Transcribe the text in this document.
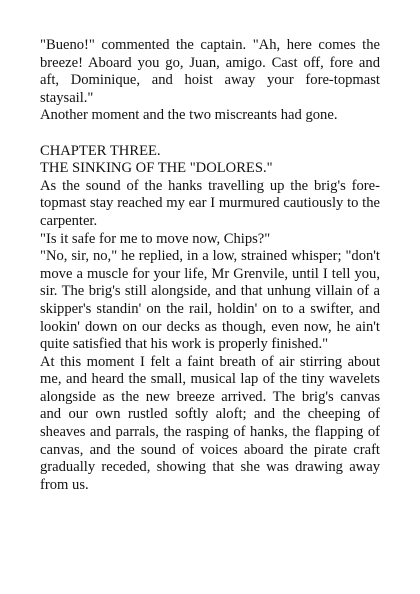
"Bueno!" commented the captain. "Ah, here comes the breeze! Aboard you go, Juan, amigo. Cast off, fore and aft, Dominique, and hoist away your fore-topmast staysail."

Another moment and the two miscreants had gone.

CHAPTER THREE.

THE SINKING OF THE "DOLORES."

As the sound of the hanks travelling up the brig's fore-topmast stay reached my ear I murmured cautiously to the carpenter.

"Is it safe for me to move now, Chips?"

"No, sir, no," he replied, in a low, strained whisper; "don't move a muscle for your life, Mr Grenvile, until I tell you, sir. The brig's still alongside, and that unhung villain of a skipper's standin' on the rail, holdin' on to a swifter, and lookin' down on our decks as though, even now, he ain't quite satisfied that his work is properly finished."

At this moment I felt a faint breath of air stirring about me, and heard the small, musical lap of the tiny wavelets alongside as the new breeze arrived. The brig's canvas and our own rustled softly aloft; and the cheeping of sheaves and parrals, the rasping of hanks, the flapping of canvas, and the sound of voices aboard the pirate craft gradually receded, showing that she was drawing away from us.
